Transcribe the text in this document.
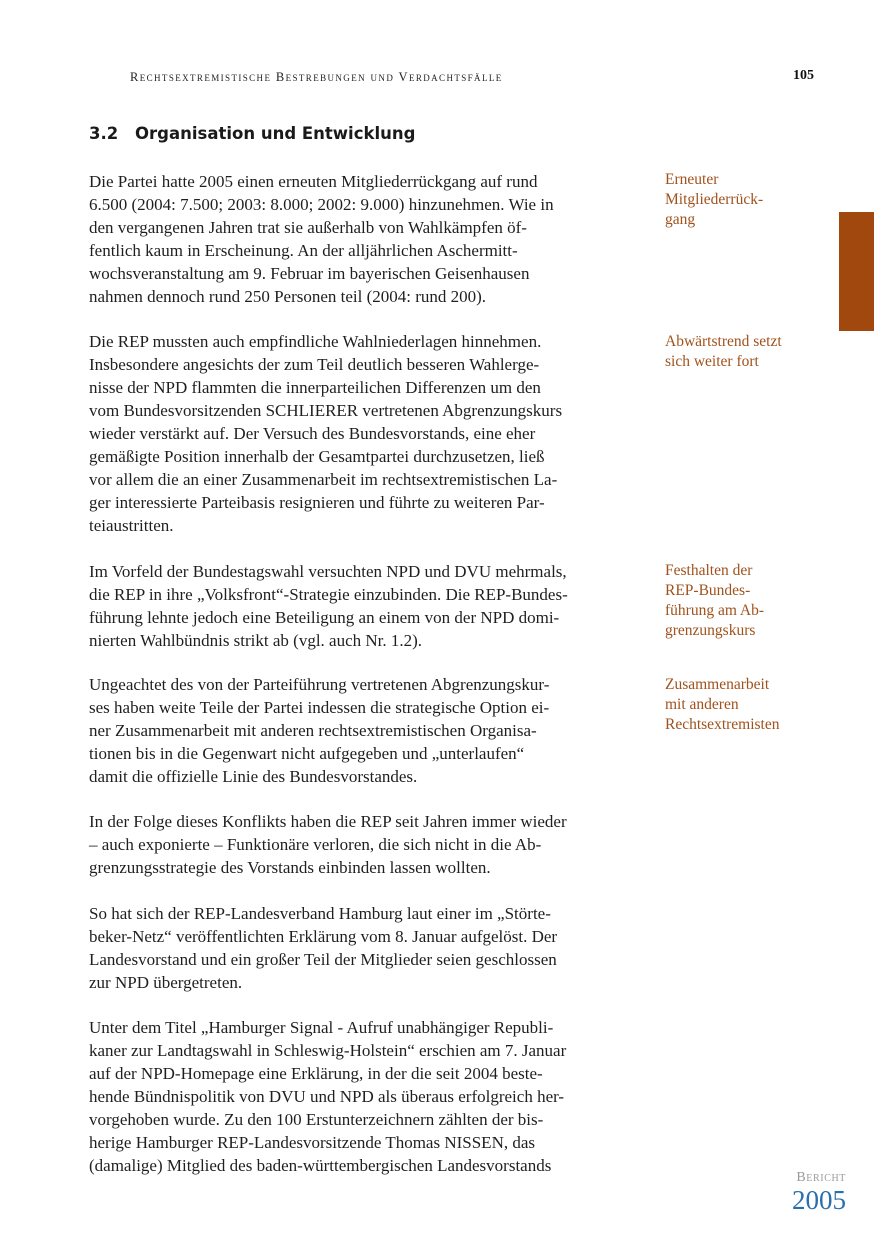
Rechtsextremistische Bestrebungen und Verdachtsfälle	105
3.2 Organisation und Entwicklung

Die Partei hatte 2005 einen erneuten Mitgliederrückgang auf rund
6.500 (2004: 7.500; 2003: 8.000; 2002: 9.000) hinzunehmen. Wie in
den vergangenen Jahren trat sie außerhalb von Wahlkämpfen öf-
fentlich kaum in Erscheinung. An der alljährlichen Aschermitt-
wochsveranstaltung am 9. Februar im bayerischen Geisenhausen
nahmen dennoch rund 250 Personen teil (2004: rund 200).

Die REP mussten auch empfindliche Wahlniederlagen hinnehmen.
Insbesondere angesichts der zum Teil deutlich besseren Wahlerge-
nisse der NPD flammten die innerparteilichen Differenzen um den
vom Bundesvorsitzenden SCHLIERER vertretenen Abgrenzungskurs
wieder verstärkt auf. Der Versuch des Bundesvorstands, eine eher
gemäßigte Position innerhalb der Gesamtpartei durchzusetzen, ließ
vor allem die an einer Zusammenarbeit im rechtsextremistischen La-
ger interessierte Parteibasis resignieren und führte zu weiteren Par-
teiaustritten.

Im Vorfeld der Bundestagswahl versuchten NPD und DVU mehrmals,
die REP in ihre „Volksfront“-Strategie einzubinden. Die REP-Bundes-
führung lehnte jedoch eine Beteiligung an einem von der NPD domi-
nierten Wahlbündnis strikt ab (vgl. auch Nr. 1.2).

Ungeachtet des von der Parteiführung vertretenen Abgrenzungskur-
ses haben weite Teile der Partei indessen die strategische Option ei-
ner Zusammenarbeit mit anderen rechtsextremistischen Organisa-
tionen bis in die Gegenwart nicht aufgegeben und „unterlaufen“
damit die offizielle Linie des Bundesvorstandes.

In der Folge dieses Konflikts haben die REP seit Jahren immer wieder
– auch exponierte – Funktionäre verloren, die sich nicht in die Ab-
grenzungsstrategie des Vorstands einbinden lassen wollten.

So hat sich der REP-Landesverband Hamburg laut einer im „Störte-
beker-Netz“ veröffentlichten Erklärung vom 8. Januar aufgelöst. Der
Landesvorstand und ein großer Teil der Mitglieder seien geschlossen
zur NPD übergetreten.

Unter dem Titel „Hamburger Signal - Aufruf unabhängiger Republi-
kaner zur Landtagswahl in Schleswig-Holstein“ erschien am 7. Januar
auf der NPD-Homepage eine Erklärung, in der die seit 2004 beste-
hende Bündnispolitik von DVU und NPD als überaus erfolgreich her-
vorgehoben wurde. Zu den 100 Erstunterzeichnern zählten der bis-
herige Hamburger REP-Landesvorsitzende Thomas NISSEN, das
(damalige) Mitglied des baden-württembergischen Landesvorstands

Erneuter
Mitgliederrück-
gang

Abwärtstrend setzt
sich weiter fort

Festhalten der
REP-Bundes-
führung am Ab-
grenzungskurs

Zusammenarbeit
mit anderen
Rechtsextremisten

Bericht
2005
